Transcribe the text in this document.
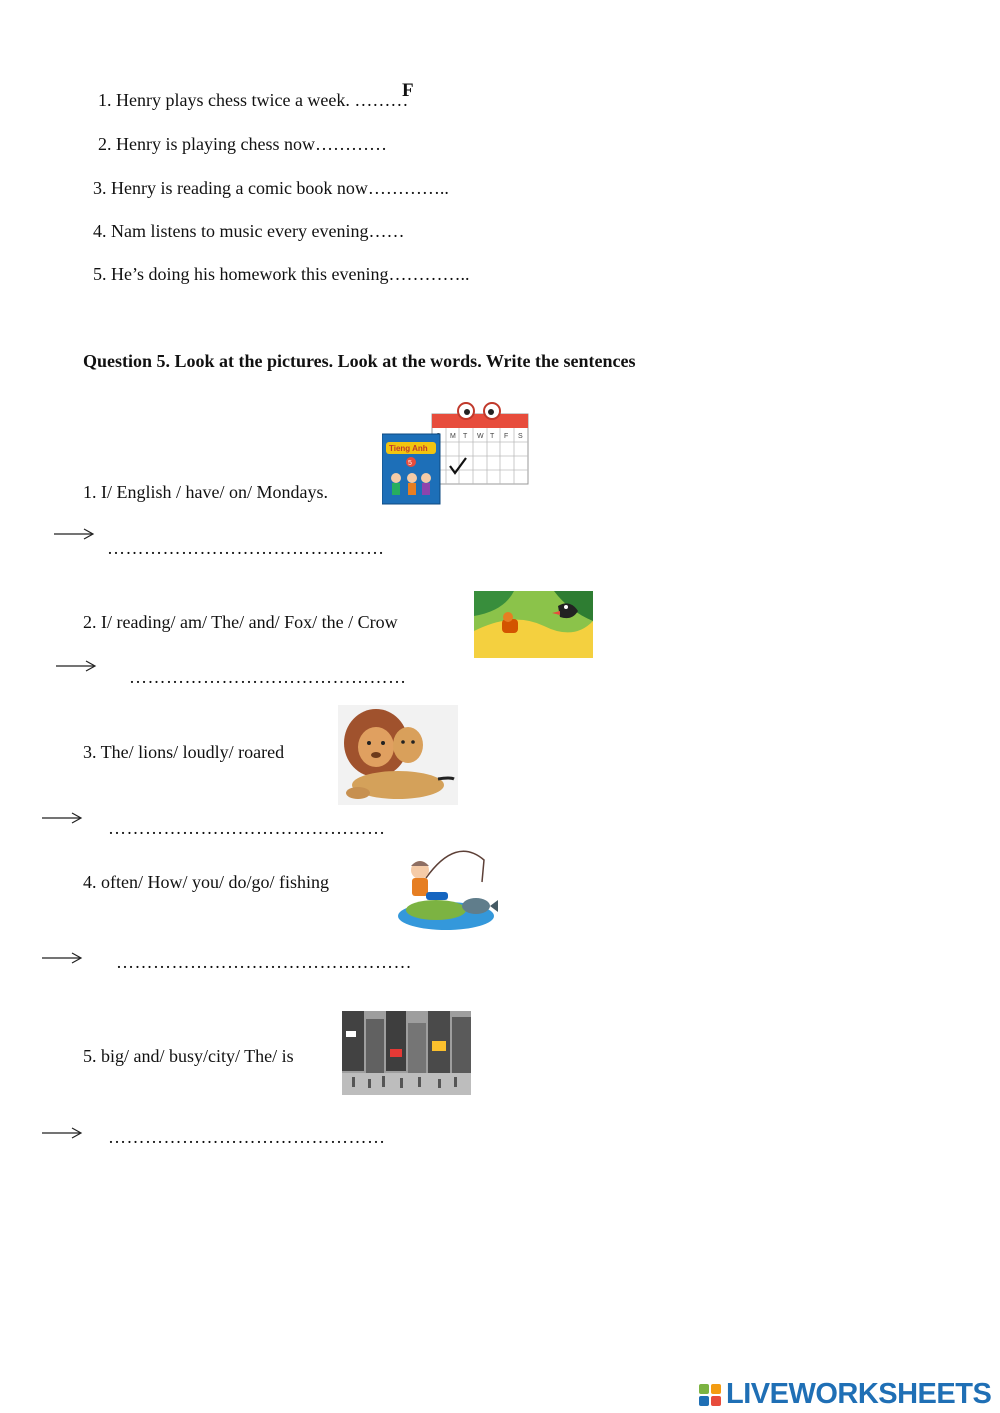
1. Henry plays chess twice a week. ………
F
2. Henry is playing chess now…………
3. Henry is reading a comic book now…………..
4. Nam listens to music every evening……
5. He’s doing his homework this evening…………..
Question 5. Look at the pictures. Look at the words. Write the sentences
1. I/ English / have/ on/ Mondays.
M T W T F S
Tieng Anh
5
………………………………………
2. I/ reading/ am/ The/ and/ Fox/ the / Crow
………………………………………
3. The/ lions/ loudly/ roared
………………………………………
4. often/ How/ you/ do/go/ fishing
…………………………………………
5. big/ and/ busy/city/ The/ is
………………………………………
LIVEWORKSHEETS
